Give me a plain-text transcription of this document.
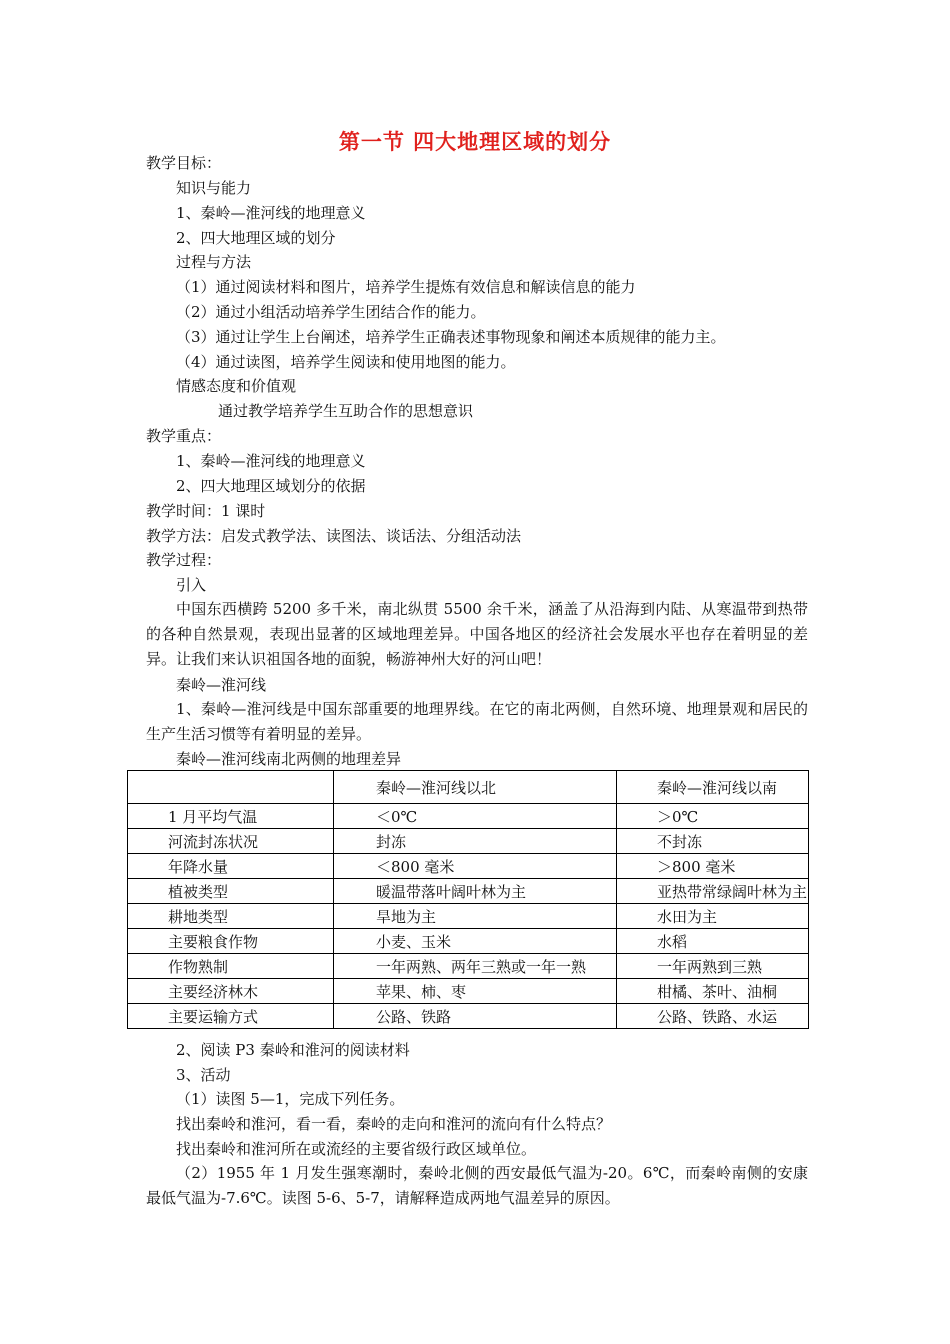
第一节 四大地理区域的划分
教学目标：
知识与能力
1、秦岭—淮河线的地理意义
2、四大地理区域的划分
过程与方法
（1）通过阅读材料和图片，培养学生提炼有效信息和解读信息的能力
（2）通过小组活动培养学生团结合作的能力。
（3）通过让学生上台阐述，培养学生正确表述事物现象和阐述本质规律的能力主。
（4）通过读图，培养学生阅读和使用地图的能力。
情感态度和价值观
通过教学培养学生互助合作的思想意识
教学重点：
1、秦岭—淮河线的地理意义
2、四大地理区域划分的依据
教学时间：1 课时
教学方法：启发式教学法、读图法、谈话法、分组活动法
教学过程：
引入
中国东西横跨 5200 多千米，南北纵贯 5500 余千米，涵盖了从沿海到内陆、从寒温带到热带的各种自然景观，表现出显著的区域地理差异。中国各地区的经济社会发展水平也存在着明显的差异。让我们来认识祖国各地的面貌，畅游神州大好的河山吧！
秦岭—淮河线
1、秦岭—淮河线是中国东部重要的地理界线。在它的南北两侧，自然环境、地理景观和居民的生产生活习惯等有着明显的差异。
秦岭—淮河线南北两侧的地理差异
	秦岭—淮河线以北	秦岭—淮河线以南
1 月平均气温	＜0℃	＞0℃
河流封冻状况	封冻	不封冻
年降水量	＜800 毫米	＞800 毫米
植被类型	暖温带落叶阔叶林为主	亚热带常绿阔叶林为主
耕地类型	旱地为主	水田为主
主要粮食作物	小麦、玉米	水稻
作物熟制	一年两熟、两年三熟或一年一熟	一年两熟到三熟
主要经济林木	苹果、柿、枣	柑橘、茶叶、油桐
主要运输方式	公路、铁路	公路、铁路、水运
2、阅读 P3 秦岭和淮河的阅读材料
3、活动
（1）读图 5—1，完成下列任务。
找出秦岭和淮河，看一看，秦岭的走向和淮河的流向有什么特点？
找出秦岭和淮河所在或流经的主要省级行政区域单位。
（2）1955 年 1 月发生强寒潮时，秦岭北侧的西安最低气温为-20。6℃，而秦岭南侧的安康最低气温为-7.6℃。读图 5-6、5-7，请解释造成两地气温差异的原因。
